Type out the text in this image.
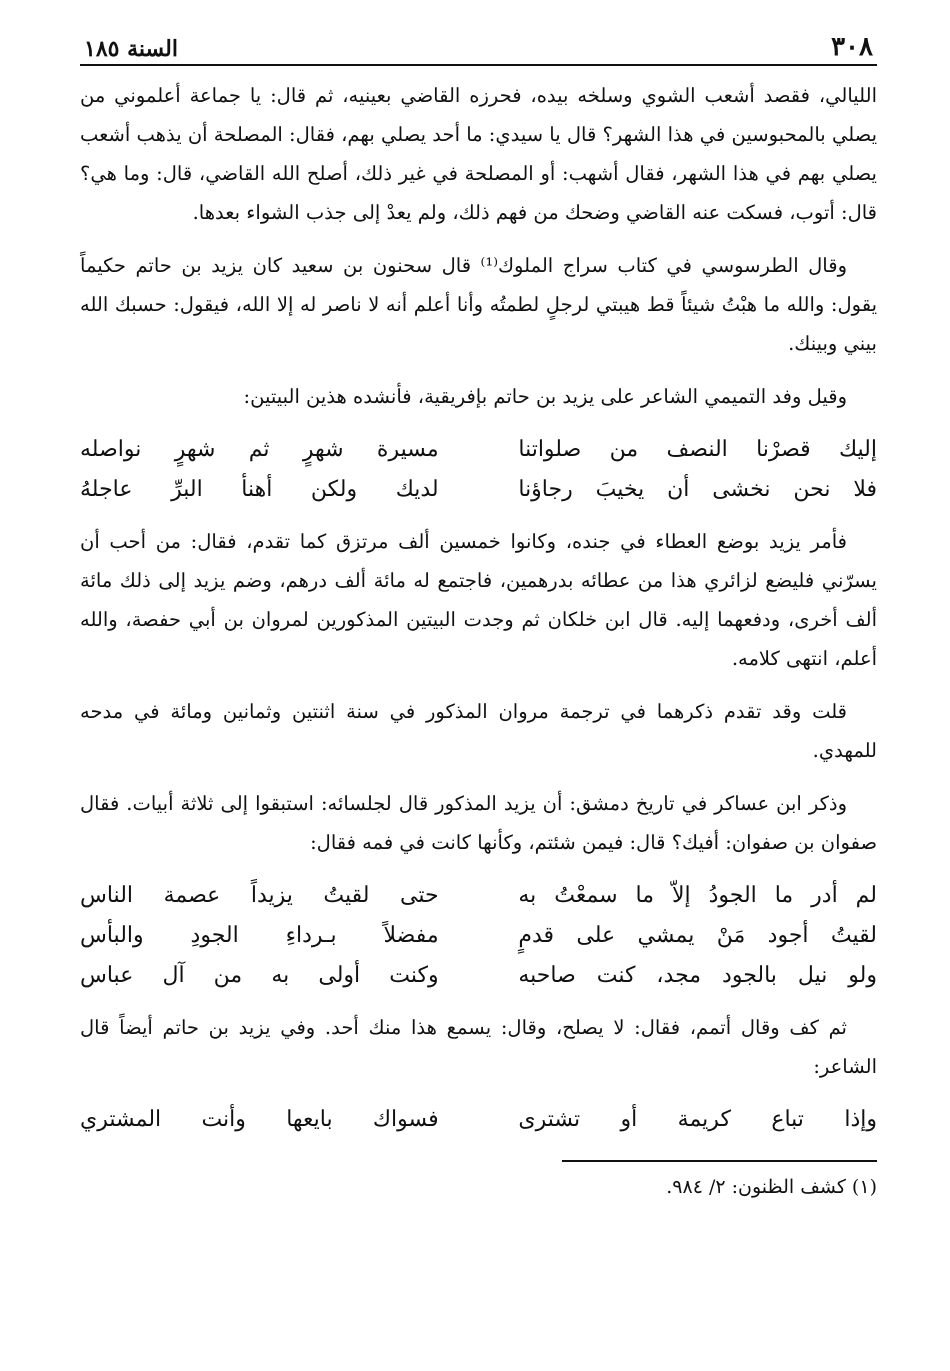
٣٠٨
السنة ١٨٥

الليالي، فقصد أشعب الشوي وسلخه بيده، فحرزه القاضي بعينيه، ثم قال: يا جماعة أعلموني من يصلي بالمحبوسين في هذا الشهر؟ قال يا سيدي: ما أحد يصلي بهم، فقال: المصلحة أن يذهب أشعب يصلي بهم في هذا الشهر، فقال أشهب: أو المصلحة في غير ذلك، أصلح الله القاضي، قال: وما هي؟ قال: أتوب، فسكت عنه القاضي وضحك من فهم ذلك، ولم يعدْ إلى جذب الشواء بعدها.

وقال الطرسوسي في كتاب سراج الملوك⁽¹⁾ قال سحنون بن سعيد كان يزيد بن حاتم حكيماً يقول: والله ما هبْتُ شيئاً قط هيبتي لرجلٍ لطمتُه وأنا أعلم أنه لا ناصر له إلا الله، فيقول: حسبك الله بيني وبينك.

وقيل وفد التميمي الشاعر على يزيد بن حاتم بإفريقية، فأنشده هذين البيتين:

إليك قصرْنا النصف من صلواتنا
مسيرة شهرٍ ثم شهرٍ نواصله
فلا نحن نخشى أن يخيبَ رجاؤنا
لديك ولكن أهنأ البرِّ عاجلهُ

فأمر يزيد بوضع العطاء في جنده، وكانوا خمسين ألف مرتزق كما تقدم، فقال: من أحب أن يسرّني فليضع لزائري هذا من عطائه بدرهمين، فاجتمع له مائة ألف درهم، وضم يزيد إلى ذلك مائة ألف أخرى، ودفعهما إليه. قال ابن خلكان ثم وجدت البيتين المذكورين لمروان بن أبي حفصة، والله أعلم، انتهى كلامه.

قلت وقد تقدم ذكرهما في ترجمة مروان المذكور في سنة اثنتين وثمانين ومائة في مدحه للمهدي.

وذكر ابن عساكر في تاريخ دمشق: أن يزيد المذكور قال لجلسائه: استبقوا إلى ثلاثة أبيات. فقال صفوان بن صفوان: أفيك؟ قال: فيمن شئتم، وكأنها كانت في فمه فقال:

لم أدر ما الجودُ إلاّ ما سمعْتُ به
حتى لقيتُ يزيداً عصمة الناس
لقيتُ أجود مَنْ يمشي على قدمٍ
مفضلاً بـرداءِ الجودِ والبأس
ولو نيل بالجود مجد، كنت صاحبه
وكنت أولى به من آل عباس

ثم كف وقال أتمم، فقال: لا يصلح، وقال: يسمع هذا منك أحد. وفي يزيد بن حاتم أيضاً قال الشاعر:

وإذا تباع كريمة أو تشترى
فسواك بايعها وأنت المشتري
(١) كشف الظنون: ٢/ ٩٨٤.
